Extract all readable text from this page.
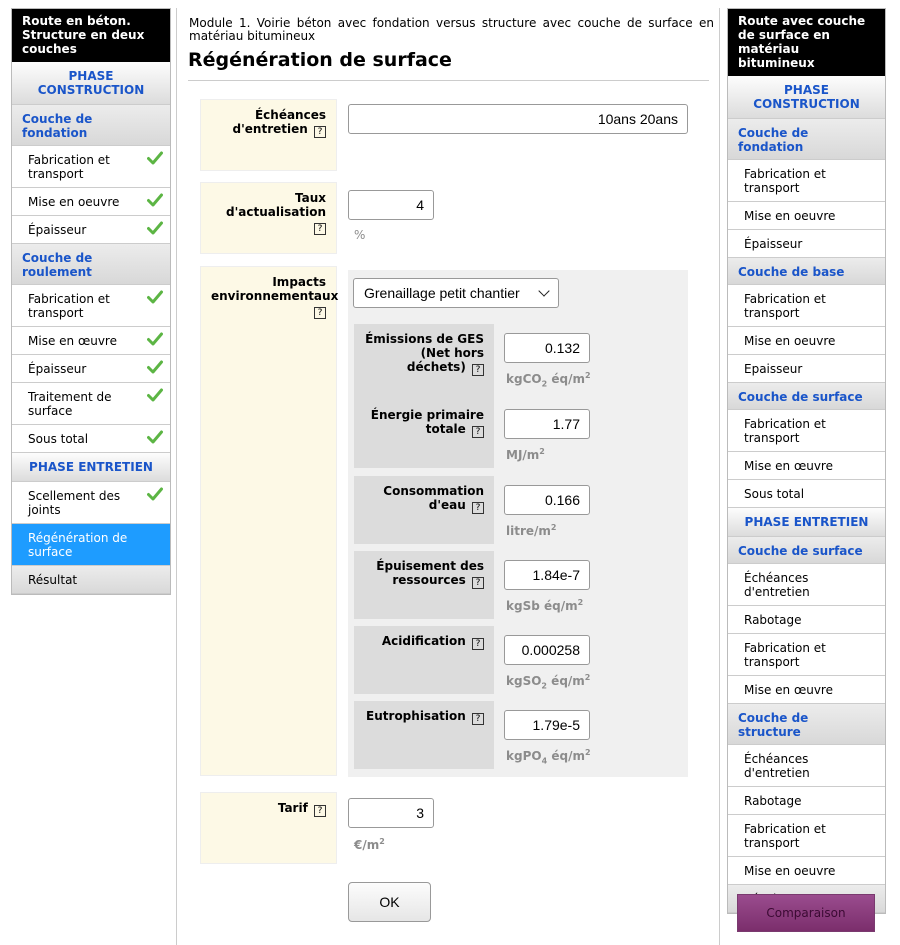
Route en béton. Structure en deux couches
PHASE CONSTRUCTION
Couche de fondation
Fabrication et transport
Mise en oeuvre
Épaisseur
Couche de roulement
Fabrication et transport
Mise en œuvre
Épaisseur
Traitement de surface
Sous total
PHASE ENTRETIEN
Scellement des joints
Régénération de surface
Résultat
Module 1. Voirie béton avec fondation versus structure avec couche de surface en matériau bitumineux
Régénération de surface
Échéances d'entretien ?
10ans 20ans
Taux d'actualisation ?
4
%
Impacts environnementaux ?
Grenaillage petit chantier
Émissions de GES (Net hors déchets) ?
0.132
kgCO$_2$ $éq/m^2$
Énergie primaire totale ?	1.77
$MJ/m^2$
Consommation d'eau ?	0.166
litre/$m^2$
Épuisement des ressources ?	1.84e-7
kgSb $éq/m^2$
Acidification ?	0.000258
kgSO$_2$ $éq/m^2$
Eutrophisation ?	1.79e-5
kgPO$_4$ $éq/m^2$
Tarif ?	3
$€/m^2$
OK
Route avec couche de surface en matériau bitumineux
PHASE CONSTRUCTION
Couche de fondation
Fabrication et transport
Mise en oeuvre
Épaisseur
Couche de base
Fabrication et transport
Mise en oeuvre
Epaisseur
Couche de surface
Fabrication et transport
Mise en œuvre
Sous total
PHASE ENTRETIEN
Couche de surface
Échéances d'entretien
Rabotage
Fabrication et transport
Mise en œuvre
Couche de structure
Échéances d'entretien
Rabotage
Fabrication et transport
Mise en oeuvre
Comparaison
